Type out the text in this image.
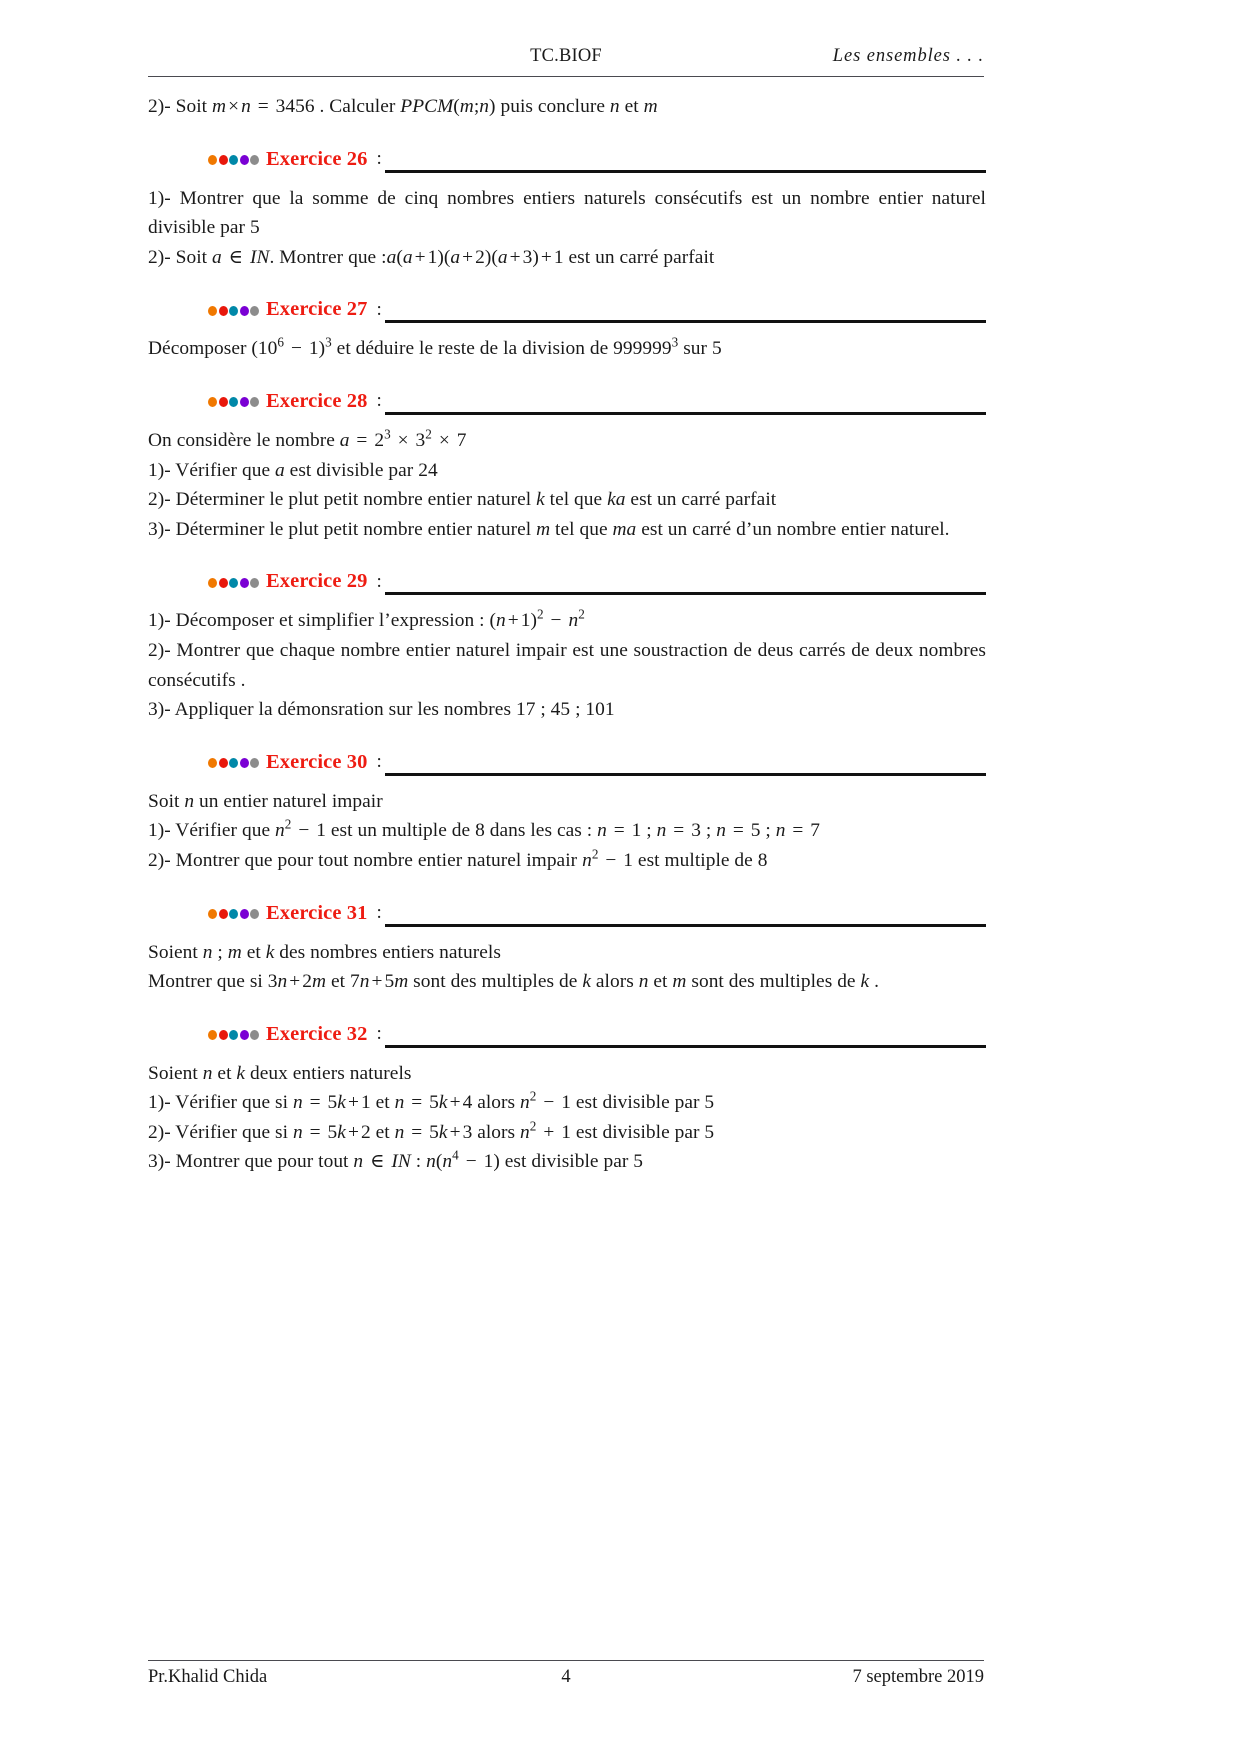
TC.BIOF	Les ensembles . . .
2)- Soit m × n = 3456 . Calculer PPCM(m;n) puis conclure n et m
Exercice 26 :
1)- Montrer que la somme de cinq nombres entiers naturels consécutifs est un nombre entier naturel divisible par 5
2)- Soit a ∈ IN. Montrer que :a(a + 1)(a + 2)(a + 3) + 1 est un carré parfait
Exercice 27 :
Décomposer $(10^6 - 1)^3$ et déduire le reste de la division de 999999$^3$ sur 5
Exercice 28 :
On considère le nombre $a = 2^3 \times 3^2 \times 7$
1)- Vérifier que a est divisible par 24
2)- Déterminer le plut petit nombre entier naturel k tel que ka est un carré parfait
3)- Déterminer le plut petit nombre entier naturel m tel que ma est un carré d’un nombre entier naturel.
Exercice 29 :
1)- Décomposer et simplifier l’expression : $(n + 1)^2 - n^2$
2)- Montrer que chaque nombre entier naturel impair est une soustraction de deus carrés de deux nombres consécutifs .
3)- Appliquer la démonsration sur les nombres 17 ; 45 ; 101
Exercice 30 :
Soit n un entier naturel impair
1)- Vérifier que $n^2 - 1$ est un multiple de 8 dans les cas : n = 1 ; n = 3 ; n = 5 ; n = 7
2)- Montrer que pour tout nombre entier naturel impair $n^2 - 1$ est multiple de 8
Exercice 31 :
Soient n ; m et k des nombres entiers naturels
Montrer que si 3n + 2m et 7n + 5m sont des multiples de k alors n et m sont des multiples de k .
Exercice 32 :
Soient n et k deux entiers naturels
1)- Vérifier que si n = 5k + 1 et n = 5k + 4 alors $n^2 - 1$ est divisible par 5
2)- Vérifier que si n = 5k + 2 et n = 5k + 3 alors $n^2 + 1$ est divisible par 5
3)- Montrer que pour tout n ∈ IN : $n(n^4 - 1)$ est divisible par 5
Pr.Khalid Chida	4	7 septembre 2019
